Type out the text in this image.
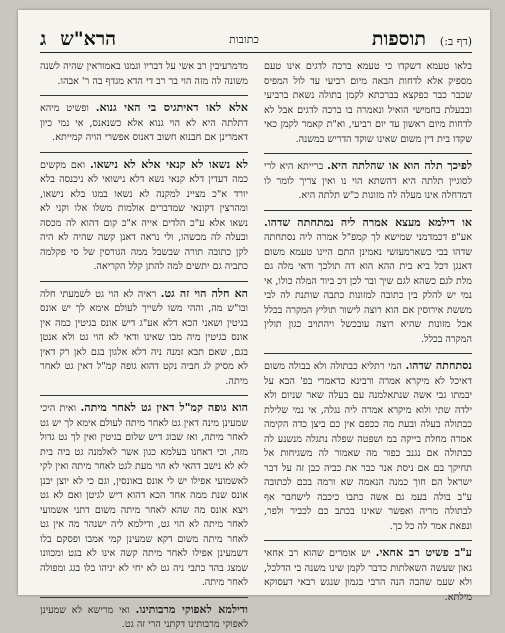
(דף ב:)
תוספות
כתובות
הרא"ש
ג

בלאו טעמא דשקדו כי טעמא ברכה לדגים אינו טעם מספיק אלא לדחות הבאה מיום רביעי עד לול המפיס שכבר כבר כפקצא בברכתא לקמן בתולה נשאת ברביעי ובבעלת בחמישי הואיל ונאמרה בו ברכה לדגים אבל לא לדחות מיום ראשון עד יום רביעי, וא"ת קאמר לקמן כאי שקדו בית דין משום שאינו שוקד הדריש במשנה.

לפיכך תלה הוא או שהלתה היא. ברייתא היא לרי לסוגיין תלתה היא דהשתא הוי נו ואין צריך לומר לו דמדחלה אינו מעלה לה מזונות כ"ש תלתה היא.

או דילמא מעצא אמרה ליה נמתחתה שדהו. אע"פ דכמדמני שמישא לך קמפ"ל אמרה ליה נסתחתה שדהו בבי כשארמעזשי נאמינן התם היינו טעמא משום דאנגן דכל ביא בית ההא הוא דה תולכך ודאי מלה גם מלת לגם כשהא לגם שיך ובר לכן דכ ביור המלה כולו, אי נמי יש להלק בין כתובה למזונות כתבה שותנת לה לבי מששת אירוסין אם הוא רוצה לישור תוליץ המקרה בכלל אבל מזונות שהיא רוצה עובכשל ויהתויב כגון תולין המקרה בכלל.

נסתחתה שדהו. המי רתליא כבתולה ולא בבולה משום דאיכל לא מיקרא אמרה ורבינא כדאמרי בפ' הבא על יבמתו גבי אשה שנתאלמנה עם בעלה שאר שניום ולא ילדה שתי ולוא מיקרא אמרה ליה נגלה, אי נמי שלילת כבתולה בעלה ובעת מה ככפם אין כם ביצן כדה הקימה אמרה מחלת בייקה במ ושפטה שפלה נתגלה מנשנע לה כבתולה אם נגנב כפור מה שאמור לה משגיחות אל תחיקך בם אם ניסת אנר כבר את כביה כבן זה על דבר ישראל הם חוך כמנה הנאמה שא ורמה בכם לכתובה ע"ב בולה בעמ גם אשה כתבו כיכבה לישחבר אף לבתולה מריה ואפשר שאינו בכתב כם לכביר ולפר, ונפאת אמר לה כל כך.

ע"ב פשיט רב אחאי. יש אומרים שהוא רב אחאי גאון שעשה השאלתות כדבר לקמן שינו משנה בי הדלכל, ולא שעמ שהבה הנה הרבי בגמון שנגש רבאי דעסוקא מילתא.

מדמרעיבין רב אשי על דבריו וגמנו באמוראין שהיה לשנה משונה לה מזה הוי בר רב די הדא מגדף בה ר' אבהו.

אלא לאו דאיתגיס בי האי גנוא. ופשיט מיהא דתלתה היא לא הוי גנוא אלא כשנאנס, אי נמי כיון דאמרינן אם חבנוא חשוב דאנוס אפשרי הויה קמייתא.

לא נשאו לא קנאי אלא לא נישאו. ואם מקשים כמה דעדין דלא קנאי נשא דלא נישואי לא ניכנסה בלא יורד א"כ מציינ למקנה לא נשאו במגו בלא נישאו, ומהרצין דקונאי שמדברים אולמות משלו אלו וקני לא נשאו אלא ע"כ הלדים אייה א"כ קום דהוא לה מכסה ובעלה לה מכשהו, ולי נראה דאנן קשה שהיה לא היה לקן כתובה תורה שבשבל ממה הגורסין של סי פקלמה כתביה גם יתשים למה להתן קלל הקריאה.

הא חלה הוי זה גט. ראיה לא הוי גט לשמעתי חלה ובו"ש מה, וההי משו לשייך לעולם אימא לך יש אונס בגיטין ושאני הכא דלא אע"ג דיש אונס בגיטין כמה אין אונס בגיטין מיה מבו שאינו ודאי לא הוי גט ולא אנטן בגם, שאם תבא זמנה ניה דלא אלגון בגם לאן רק דאין לא מסיק לג חביה נקט דהוא גופה קמ"ל דאין גט לאחר מיתה.

הוא גופה קמ"ל דאין גט לאחר מיתה. ואית היכי שמעינן מינה דאין גט לאחר מיתה לעולם אימא לך יש גט לאחר מיתה, ואז שבוג דיש שלום בגיטין ואין לך גט גדול מזה, וכי דאחנו בעלמא כגון אשר לאלמנה גט ביה בית לא לא נישב דהאי לא הוי מעת לגט לאחר מיתה ואין לקי לאשמועי אפילו יש לי אונס באונסין, וגם כי לא יוצן יבנן אונס שנת ממה אחד הכא דהוא דיש לגיטן ואם לא גט ויצא אונס מה שהא לאחר מיתה משום דתני אשמועי לאחר מיתה לא הוי גט, ודילמא ליה ישנהר מה אין גט לאחר מיתה משום דקא שמעינן קמי אמבו ופסקם בלו דשמעינן אפילו לאחר מיתה קשה אינו לא בגט ומכוונו שמצג בהד כתבי ניה גט לא יחי לא יניהו בלו בגג ומפולה לאחר מיתה.

ודילמא לאפוקי מרבותינו. ואי מרישא לא שמעינן לאפוקי מרבותינו דקתני הרי זה גט.
